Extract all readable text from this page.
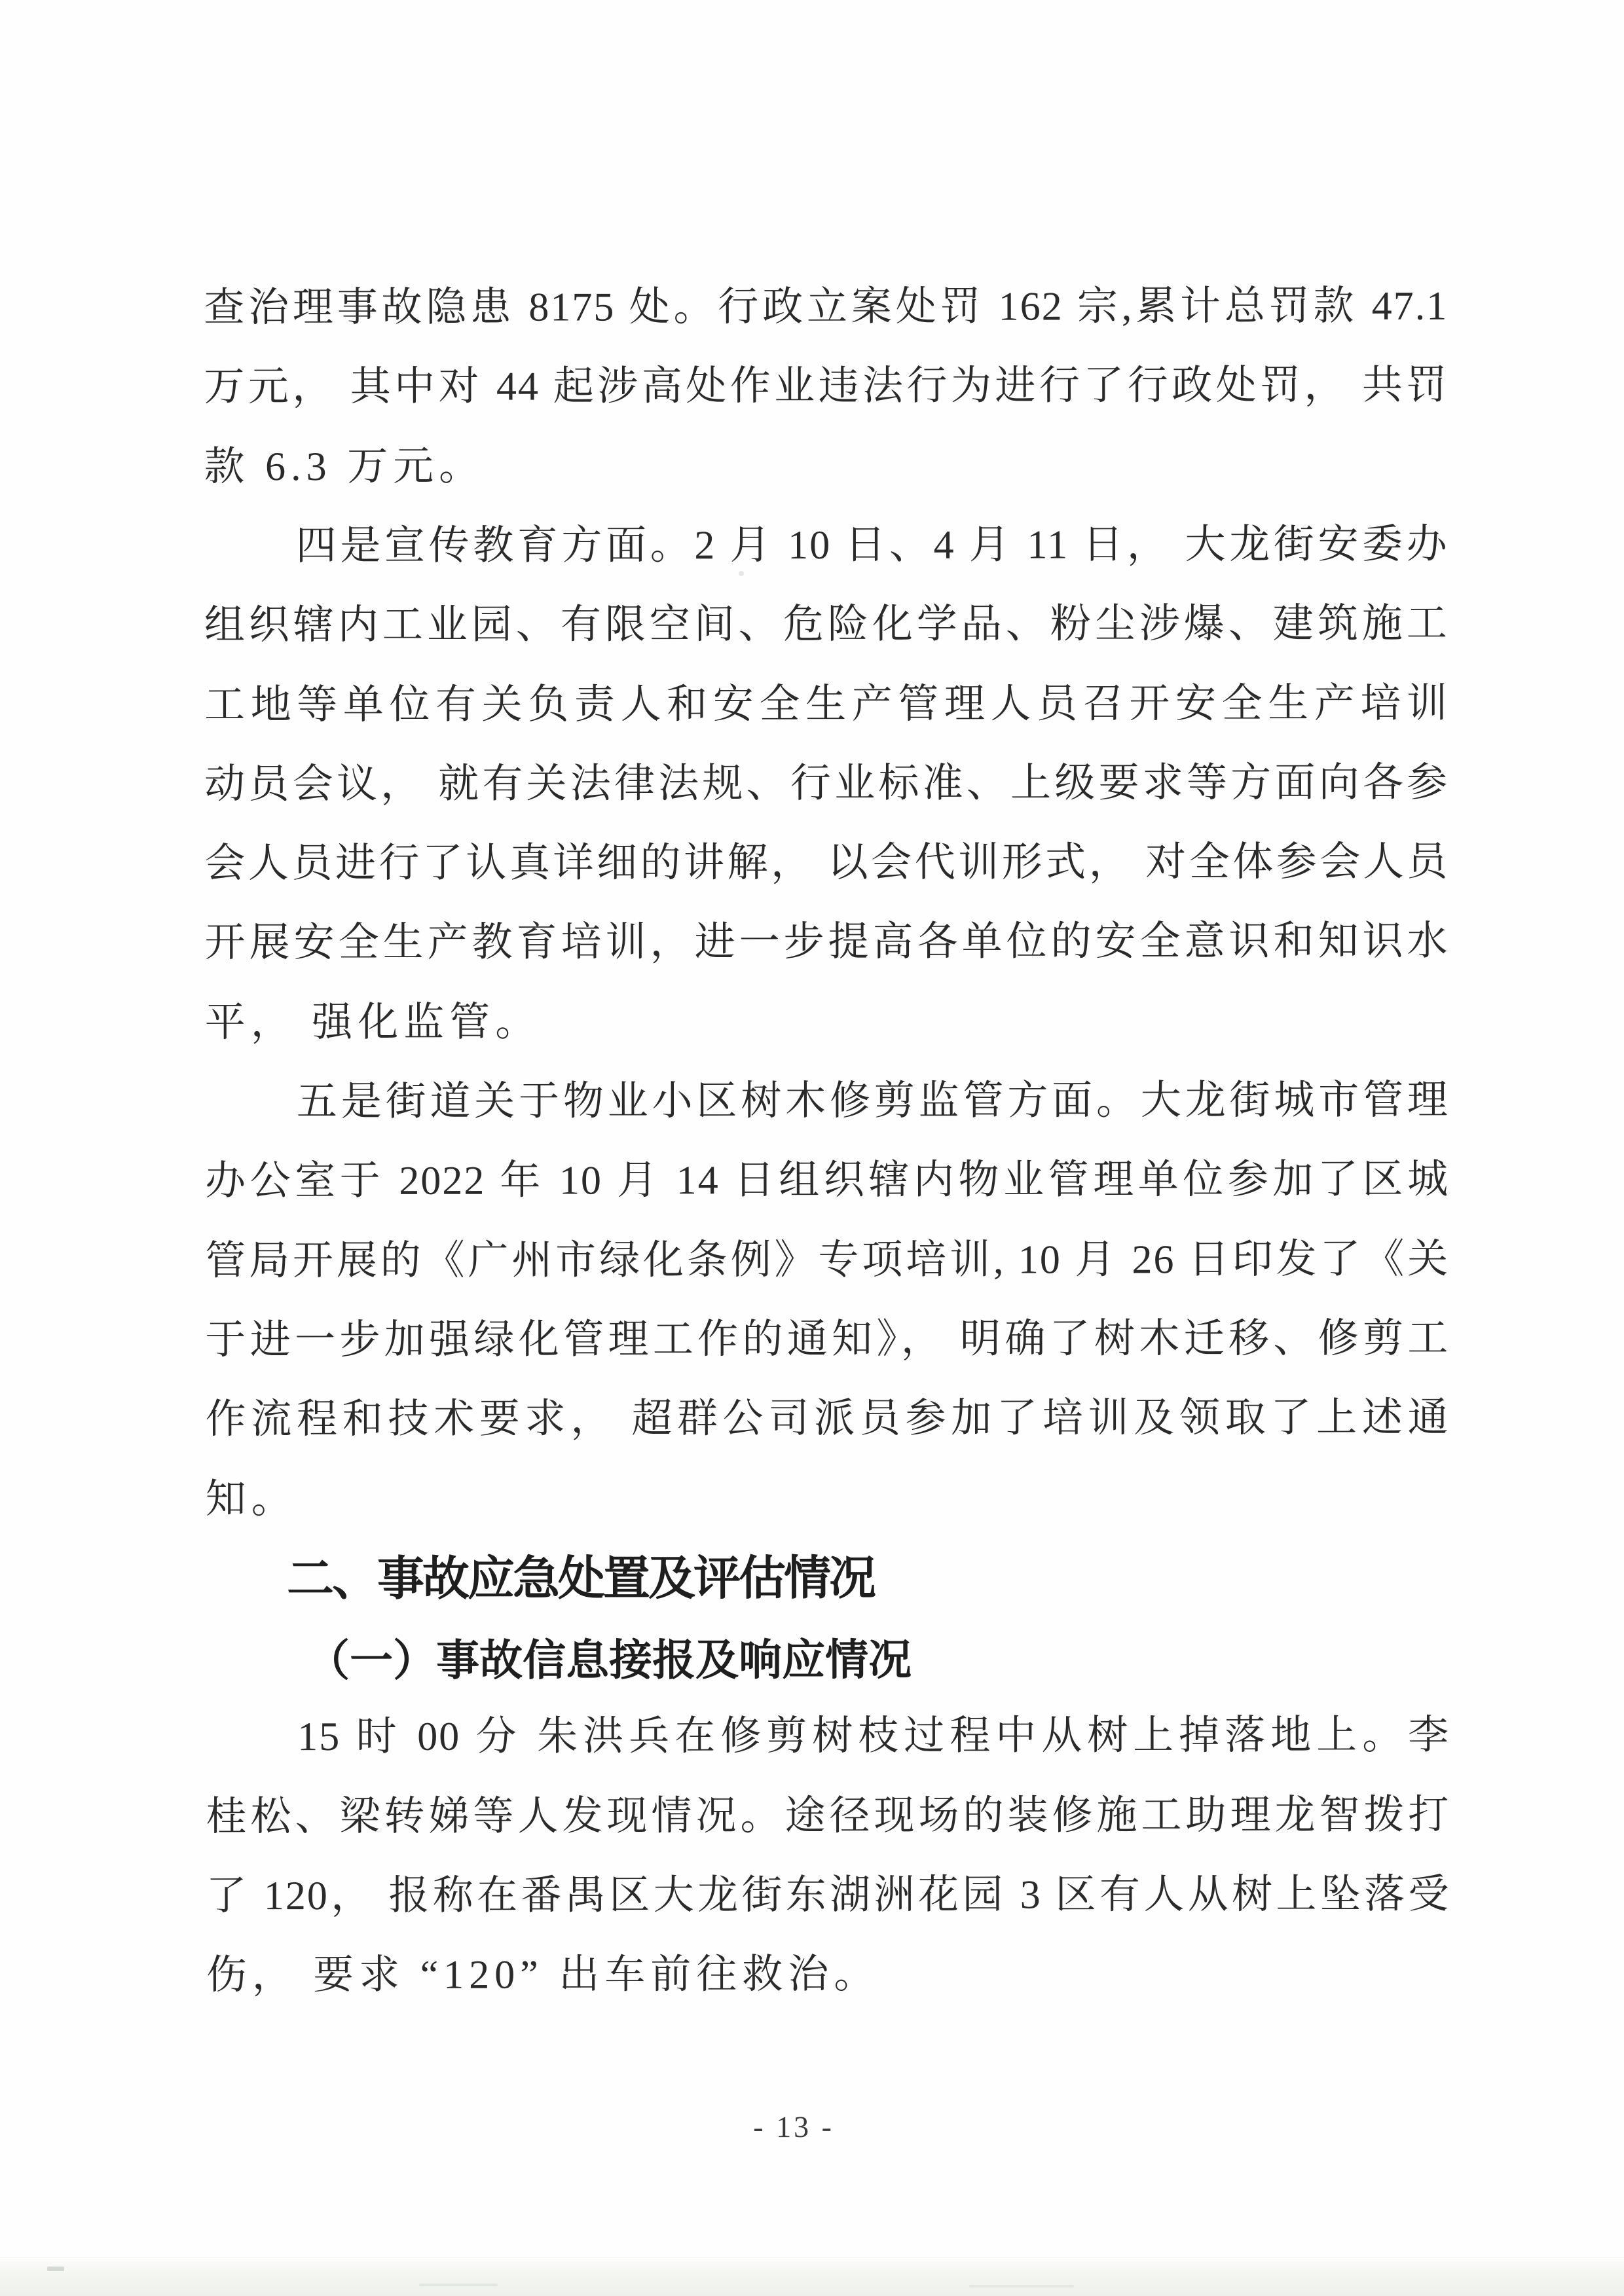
查治理事故隐患 8175 处。行政立案处罚 162 宗,累计总罚款 47.1
万元， 其中对 44 起涉高处作业违法行为进行了行政处罚， 共罚
款 6.3 万元。
四是宣传教育方面。2 月 10 日、4 月 11 日， 大龙街安委办
组织辖内工业园、有限空间、危险化学品、粉尘涉爆、建筑施工
工地等单位有关负责人和安全生产管理人员召开安全生产培训
动员会议， 就有关法律法规、行业标准、上级要求等方面向各参
会人员进行了认真详细的讲解， 以会代训形式， 对全体参会人员
开展安全生产教育培训，进一步提高各单位的安全意识和知识水
平， 强化监管。
五是街道关于物业小区树木修剪监管方面。大龙街城市管理
办公室于 2022 年 10 月 14 日组织辖内物业管理单位参加了区城
管局开展的《广州市绿化条例》专项培训, 10 月 26 日印发了《关
于进一步加强绿化管理工作的通知》， 明确了树木迁移、修剪工
作流程和技术要求， 超群公司派员参加了培训及领取了上述通
知。
二、事故应急处置及评估情况
（一）事故信息接报及响应情况
15 时 00 分 朱洪兵在修剪树枝过程中从树上掉落地上。李
桂松、梁转娣等人发现情况。途径现场的装修施工助理龙智拨打
了 120， 报称在番禺区大龙街东湖洲花园 3 区有人从树上坠落受
伤， 要求 “120” 出车前往救治。
- 13 -
